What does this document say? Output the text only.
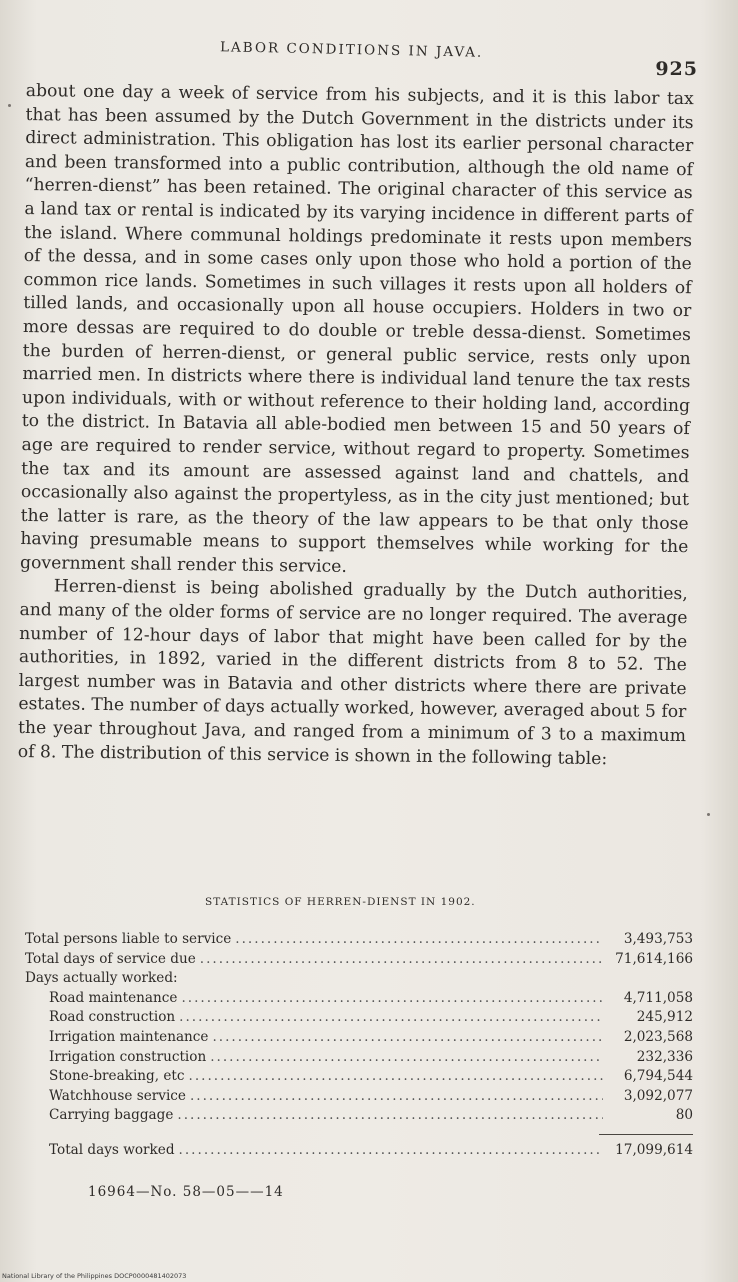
LABOR CONDITIONS IN JAVA.
925

about one day a week of service from his subjects, and it is this labor tax that has been assumed by the Dutch Government in the districts under its direct administration. This obligation has lost its earlier personal character and been transformed into a public contribution, although the old name of “herren-dienst” has been retained. The original character of this service as a land tax or rental is indicated by its varying incidence in different parts of the island. Where communal holdings predominate it rests upon members of the dessa, and in some cases only upon those who hold a portion of the common rice lands. Sometimes in such villages it rests upon all holders of tilled lands, and occasionally upon all house occupiers. Holders in two or more dessas are required to do double or treble dessa-dienst. Sometimes the burden of herren-dienst, or general public service, rests only upon married men. In districts where there is individual land tenure the tax rests upon individuals, with or without reference to their holding land, according to the district. In Batavia all able-bodied men between 15 and 50 years of age are required to render service, without regard to property. Sometimes the tax and its amount are assessed against land and chattels, and occasionally also against the propertyless, as in the city just mentioned; but the latter is rare, as the theory of the law appears to be that only those having presumable means to support themselves while working for the government shall render this service.

Herren-dienst is being abolished gradually by the Dutch authorities, and many of the older forms of service are no longer required. The average number of 12-hour days of labor that might have been called for by the authorities, in 1892, varied in the different districts from 8 to 52. The largest number was in Batavia and other districts where there are private estates. The number of days actually worked, however, averaged about 5 for the year throughout Java, and ranged from a minimum of 3 to a maximum of 8. The distribution of this service is shown in the following table:

STATISTICS OF HERREN-DIENST IN 1902.
Total persons liable to service .....	3,493,753
Total days of service due .....	71,614,166
Days actually worked:
Road maintenance .....	4,711,058
Road construction .....	245,912
Irrigation maintenance .....	2,023,568
Irrigation construction .....	232,336
Stone-breaking, etc .....	6,794,544
Watchhouse service .....	3,092,077
Carrying baggage .....	80
Total days worked .....	17,099,614
16964—No. 58—05——14
National Library of the Philippines DOCP0000481402073
